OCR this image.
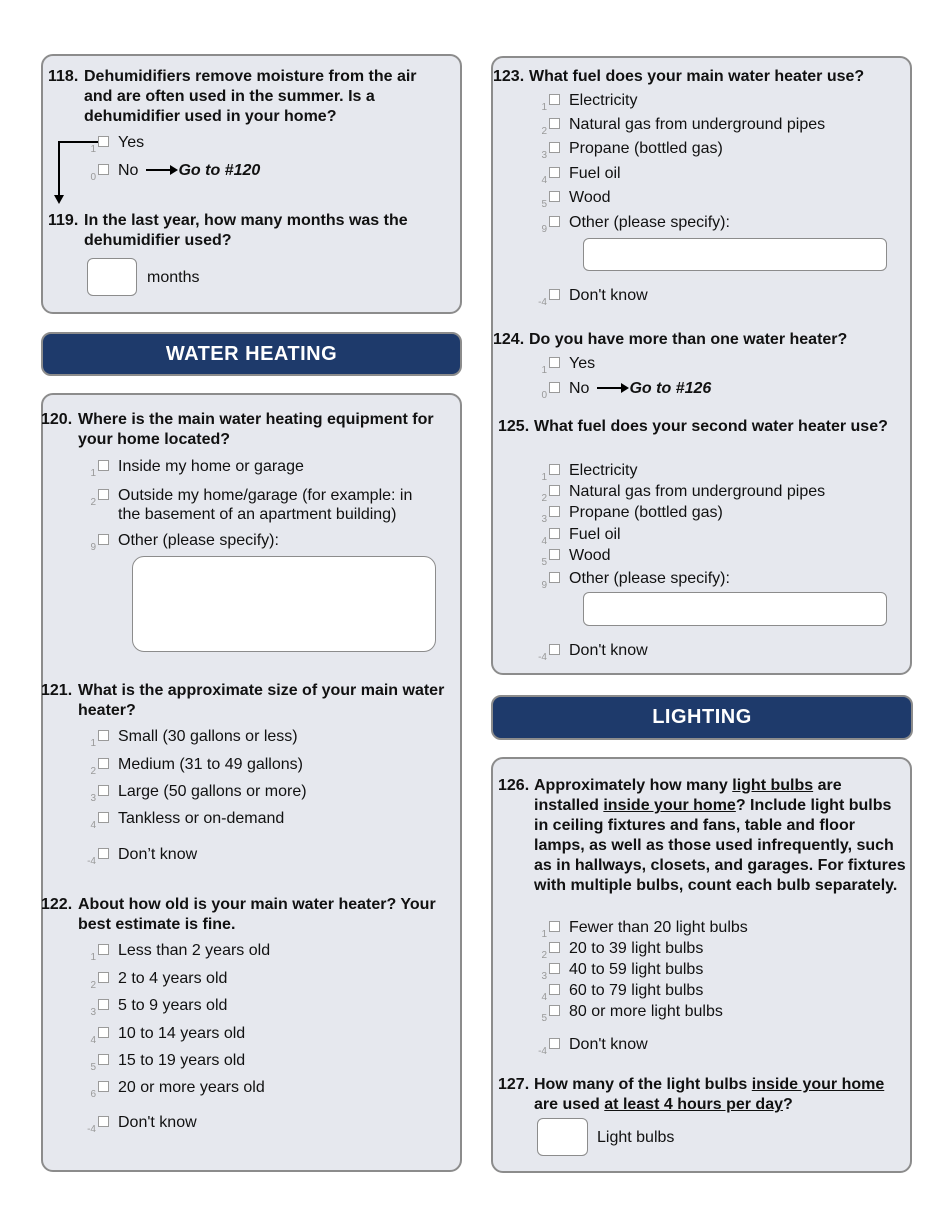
118. Dehumidifiers remove moisture from the air and are often used in the summer. Is a dehumidifier used in your home?
1 Yes
0 No	Go to #120
119. In the last year, how many months was the dehumidifier used?
months
WATER HEATING
120. Where is the main water heating equipment for your home located?
1 Inside my home or garage
2 Outside my home/garage (for example: in
the basement of an apartment building)
9 Other (please specify):
121. What is the approximate size of your main water heater?
122. About how old is your main water heater? Your best estimate is fine.
1 Small (30 gallons or less)
2 Medium (31 to 49 gallons)
3 Large (50 gallons or more)
4 Tankless or on-demand
-4 Don’t know
1 Less than 2 years old
2 2 to 4 years old
3 5 to 9 years old
4 10 to 14 years old
5 15 to 19 years old
6 20 or more years old
-4 Don't know
123. What fuel does your main water heater use?
1 Electricity
2 Natural gas from underground pipes
3 Propane (bottled gas)
4 Fuel oil
5 Wood
9 Other (please specify):
-4 Don't know
124. Do you have more than one water heater?
1 Yes
0 No	Go to #126
125. What fuel does your second water heater use?
1 Electricity
2 Natural gas from underground pipes
3 Propane (bottled gas)
4 Fuel oil
5 Wood
9 Other (please specify):
-4 Don't know
LIGHTING
126. Approximately how many light bulbs are installed inside your home? Include light bulbs in ceiling fixtures and fans, table and floor lamps, as well as those used infrequently, such as in hallways, closets, and garages. For fixtures with multiple bulbs, count each bulb separately.
1 Fewer than 20 light bulbs
2 20 to 39 light bulbs
3 40 to 59 light bulbs
4 60 to 79 light bulbs
5 80 or more light bulbs
-4 Don't know
127. How many of the light bulbs inside your home are used at least 4 hours per day?
Light bulbs
